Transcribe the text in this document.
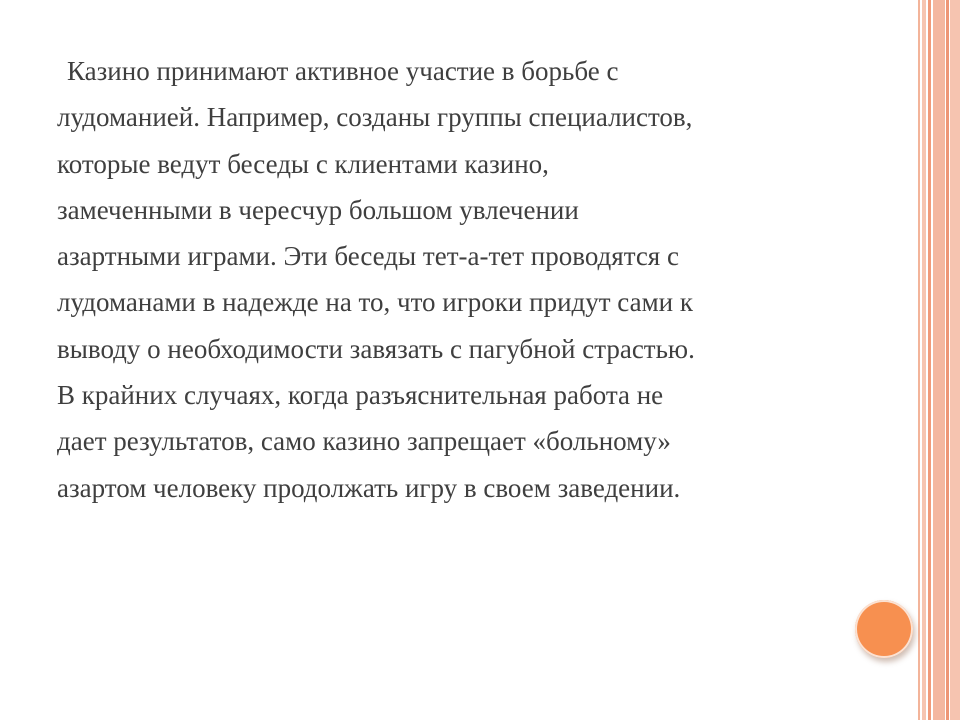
Казино принимают активное участие в борьбе с
лудоманией. Например, созданы группы специалистов,
которые ведут беседы с клиентами казино,
замеченными в чересчур большом увлечении
азартными играми. Эти беседы тет-а-тет проводятся с
лудоманами в надежде на то, что игроки придут сами к
выводу о необходимости завязать с пагубной страстью.
В крайних случаях, когда разъяснительная работа не
дает результатов, само казино запрещает «больному»
азартом человеку продолжать игру в своем заведении.
